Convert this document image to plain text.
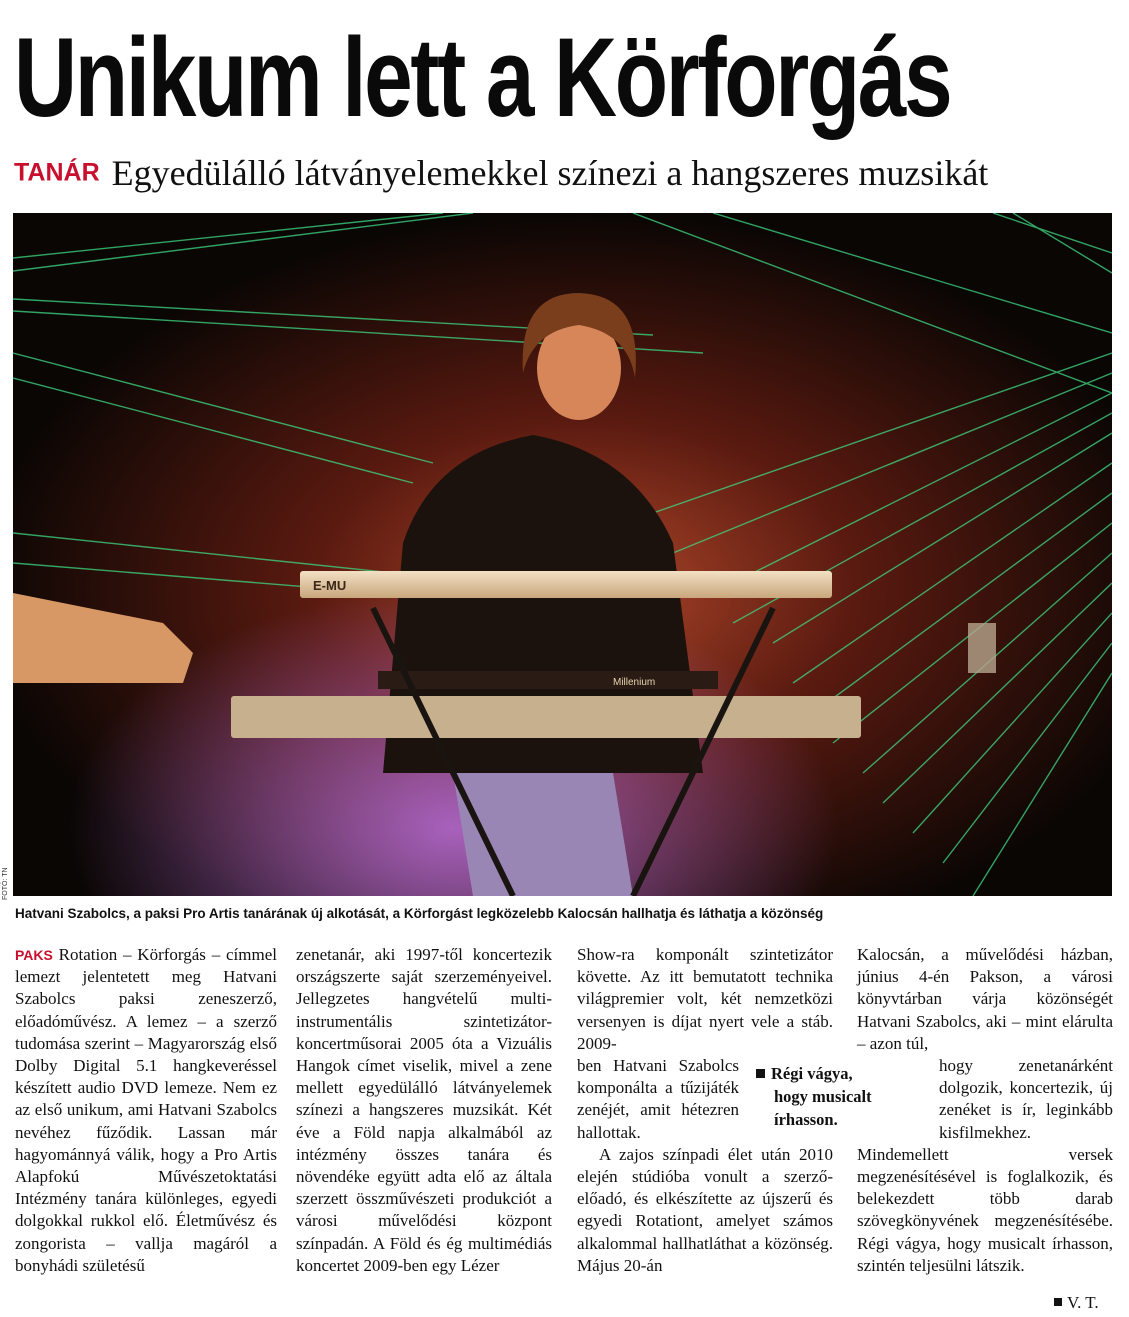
Unikum lett a Körforgás
TANÁR Egyedülálló látványelemekkel színezi a hangszeres muzsikát
E-MU
Millenium
FOTÓ: TN
Hatvani Szabolcs, a paksi Pro Artis tanárának új alkotását, a Körforgást legközelebb Kalocsán hallhatja és láthatja a közönség

PAKS Rotation – Körforgás – címmel lemezt jelentetett meg Hatvani Szabolcs paksi zeneszerző, előadóművész. A lemez – a szerző tudomása szerint – Magyarország első Dolby Digital 5.1 hangkeveréssel készített audio DVD lemeze. Nem ez az első unikum, ami Hatvani Szabolcs nevéhez fűződik. Lassan már hagyománnyá válik, hogy a Pro Artis Alapfokú Művészetoktatási Intézmény tanára különleges, egyedi dolgokkal rukkol elő. Életművész és zongorista – vallja magáról a bonyhádi születésű

zenetanár, aki 1997-től koncertezik országszerte saját szerzeményeivel. Jellegzetes hangvételű multi-instrumentális szintetizátor-koncertműsorai 2005 óta a Vizuális Hangok címet viselik, mivel a zene mellett egyedülálló látványelemek színezi a hangszeres muzsikát. Két éve a Föld napja alkalmából az intézmény összes tanára és növendéke együtt adta elő az általa szerzett összművészeti produkciót a városi művelődési központ színpadán. A Föld és ég multimédiás koncertet 2009-ben egy Lézer

Show-ra komponált szintetizátor követte. Az itt bemutatott technika világpremier volt, két nemzetközi versenyen is díjat nyert vele a stáb. 2009-

ben Hatvani Szabolcs komponálta a tűzijáték zenéjét, amit hétezren hallottak.

A zajos színpadi élet után 2010 elején stúdióba vonult a szerző-előadó, és elkészítette az újszerű és egyedi Rotationt, amelyet számos alkalommal hallhatláthat a közönség. Május 20-án

Régi vágya,
hogy musicalt
írhasson.

Kalocsán, a művelődési házban, június 4-én Pakson, a városi könyvtárban várja közönségét Hatvani Szabolcs, aki – mint elárulta – azon túl,

hogy zenetanárként dolgozik, koncertezik, új zenéket is ír, leginkább kisfilmekhez.

Mindemellett versek megzenésítésével is foglalkozik, és belekezdett több darab szövegkönyvének megzenésítésébe. Régi vágya, hogy musicalt írhasson, szintén teljesülni látszik.

V. T.
